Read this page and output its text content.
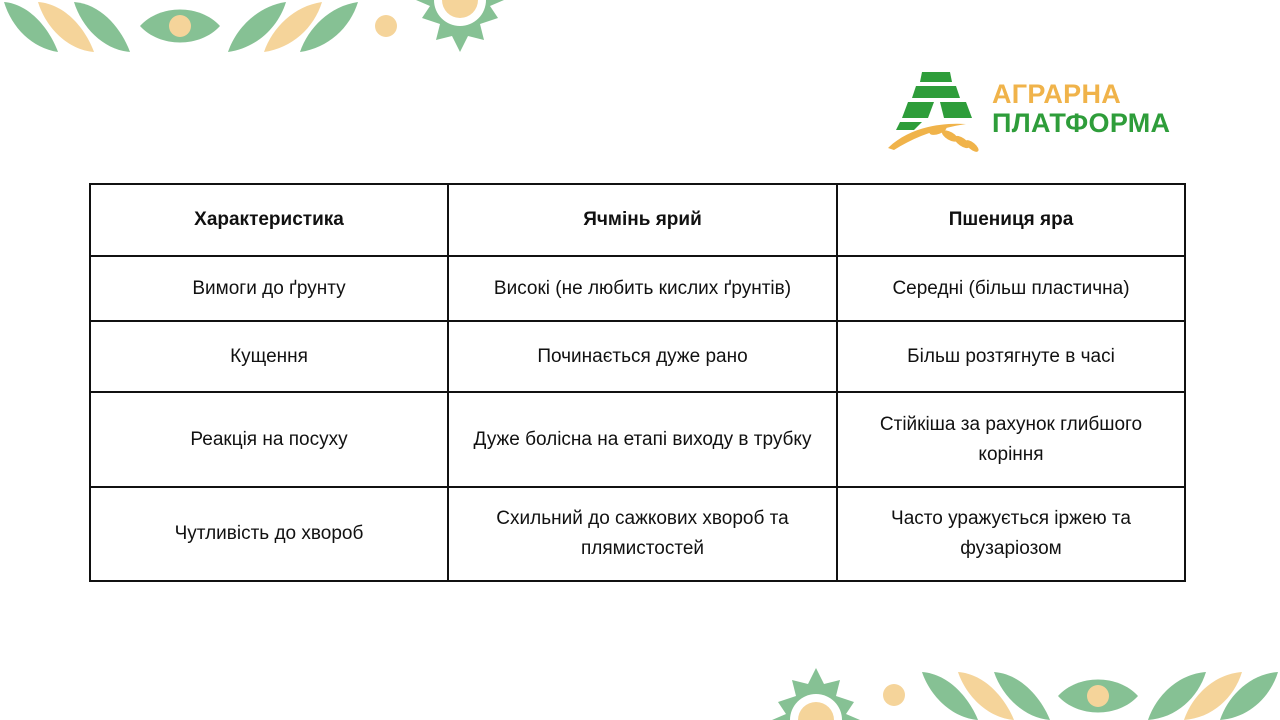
АГРАРНА
ПЛАТФОРМА
Характеристика	Ячмінь ярий	Пшениця яра
Вимоги до ґрунту	Високі (не любить кислих ґрунтів)	Середні (більш пластична)
Кущення	Починається дуже рано	Більш розтягнуте в часі
Реакція на посуху	Дуже болісна на етапі виходу в трубку	Стійкіша за рахунок глибшого коріння
Чутливість до хвороб	Схильний до сажкових хвороб та плямистостей	Часто уражується іржею та фузаріозом
